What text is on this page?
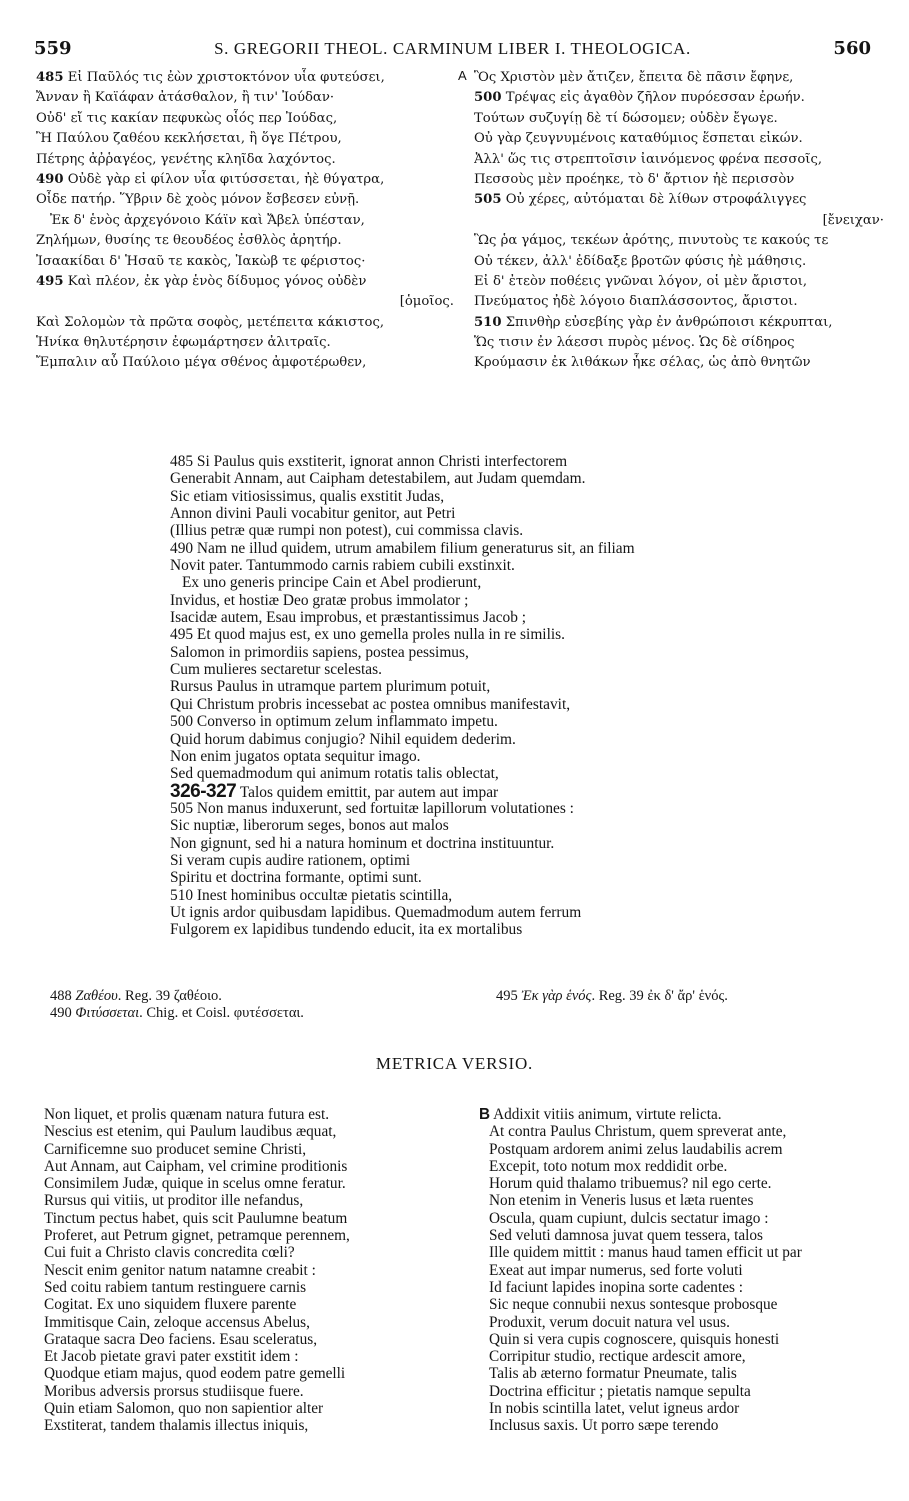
559	S. GREGORII THEOL. CARMINUM LIBER I. THEOLOGICA.	560
485 Εἰ Παῦλός τις ἐὼν χριστοκτόνον υἷα φυτεύσει,
Ἄνναν ἢ Καϊάφαν ἀτάσθαλον, ἢ τιν' Ἰούδαν·
Οὐδ' εἴ τις κακίαν πεφυκὼς οἷός περ Ἰούδας,
Ἢ Παύλου ζαθέου κεκλήσεται, ἢ ὅγε Πέτρου,
Πέτρης ἀῤῥαγέος, γενέτης κληῖδα λαχόντος.
490 Οὐδὲ γὰρ εἰ φίλον υἷα φιτύσσεται, ἠὲ θύγατρα,
Οἶδε πατήρ. Ὕβριν δὲ χοὸς μόνον ἔσβεσεν εὐνῇ.
Ἐκ δ' ἑνὸς ἀρχεγόνοιο Κάϊν καὶ Ἄβελ ὑπέσταν,
Ζηλήμων, θυσίης τε θεουδέος ἐσθλὸς ἀρητήρ.
Ἰσαακίδαι δ' Ἡσαῦ τε κακὸς, Ἰακὼβ τε φέριστος·
495 Καὶ πλέον, ἐκ γὰρ ἑνὸς δίδυμος γόνος οὐδὲν
[ὁμοῖος.
Καὶ Σολομὼν τὰ πρῶτα σοφὸς, μετέπειτα κάκιστος,
Ἡνίκα θηλυτέρησιν ἐφωμάρτησεν ἀλιτραῖς.
Ἔμπαλιν αὖ Παύλοιο μέγα σθένος ἀμφοτέρωθεν,
A Ὃς Χριστὸν μὲν ἄτιζεν, ἔπειτα δὲ πᾶσιν ἔφηνε,
500 Τρέψας εἰς ἀγαθὸν ζῆλον πυρόεσσαν ἐρωήν.
Τούτων συζυγίῃ δὲ τί δώσομεν; οὐδὲν ἔγωγε.
Οὐ γὰρ ζευγνυμένοις καταθύμιος ἕσπεται εἰκών.
Ἀλλ' ὥς τις στρεπτοῖσιν ἰαινόμενος φρένα πεσσοῖς,
Πεσσοὺς μὲν προέηκε, τὸ δ' ἄρτιον ἠὲ περισσὸν
505 Οὐ χέρες, αὐτόμαται δὲ λίθων στροφάλιγγες
[ἔνειχαν·
Ὣς ῥα γάμος, τεκέων ἀρότης, πινυτοὺς τε κακούς τε
Οὐ τέκεν, ἀλλ' ἐδίδαξε βροτῶν φύσις ἠὲ μάθησις.
Εἰ δ' ἐτεὸν ποθέεις γνῶναι λόγον, οἱ μὲν ἄριστοι,
Πνεύματος ἠδὲ λόγοιο διαπλάσσοντος, ἄριστοι.
510 Σπινθὴρ εὐσεβίης γὰρ ἐν ἀνθρώποισι κέκρυπται,
Ὥς τισιν ἐν λάεσσι πυρὸς μένος. Ὡς δὲ σίδηρος
Κρούμασιν ἐκ λιθάκων ἧκε σέλας, ὡς ἀπὸ θνητῶν
485 Si Paulus quis exstiterit, ignorat annon Christi interfectorem
Generabit Annam, aut Caipham detestabilem, aut Judam quemdam.
Sic etiam vitiosissimus, qualis exstitit Judas,
Annon divini Pauli vocabitur genitor, aut Petri
(Illius petræ quæ rumpi non potest), cui commissa clavis.
490 Nam ne illud quidem, utrum amabilem filium generaturus sit, an filiam
Novit pater. Tantummodo carnis rabiem cubili exstinxit.
Ex uno generis principe Cain et Abel prodierunt,
Invidus, et hostiæ Deo gratæ probus immolator ;
Isacidæ autem, Esau improbus, et præstantissimus Jacob ;
495 Et quod majus est, ex uno gemella proles nulla in re similis.
Salomon in primordiis sapiens, postea pessimus,
Cum mulieres sectaretur scelestas.
Rursus Paulus in utramque partem plurimum potuit,
Qui Christum probris incessebat ac postea omnibus manifestavit,
500 Converso in optimum zelum inflammato impetu.
Quid horum dabimus conjugio? Nihil equidem dederim.
Non enim jugatos optata sequitur imago.
Sed quemadmodum qui animum rotatis talis oblectat,
326-327 Talos quidem emittit, par autem aut impar
505 Non manus induxerunt, sed fortuitæ lapillorum volutationes :
Sic nuptiæ, liberorum seges, bonos aut malos
Non gignunt, sed hi a natura hominum et doctrina instituuntur.
Si veram cupis audire rationem, optimi
Spiritu et doctrina formante, optimi sunt.
510 Inest hominibus occultæ pietatis scintilla,
Ut ignis ardor quibusdam lapidibus. Quemadmodum autem ferrum
Fulgorem ex lapidibus tundendo educit, ita ex mortalibus
488 Ζαθέου. Reg. 39 ζαθέοιο.
490 Φιτύσσεται. Chig. et Coisl. φυτέσσεται.
495 Ἐκ γὰρ ἑνός. Reg. 39 ἐκ δ' ἄρ' ἑνός.
METRICA VERSIO.
Non liquet, et prolis quænam natura futura est.
Nescius est etenim, qui Paulum laudibus æquat,
Carnificemne suo producet semine Christi,
Aut Annam, aut Caipham, vel crimine proditionis
Consimilem Judæ, quique in scelus omne feratur.
Rursus qui vitiis, ut proditor ille nefandus,
Tinctum pectus habet, quis scit Paulumne beatum
Proferet, aut Petrum gignet, petramque perennem,
Cui fuit a Christo clavis concredita cœli?
Nescit enim genitor natum natamne creabit :
Sed coitu rabiem tantum restinguere carnis
Cogitat. Ex uno siquidem fluxere parente
Immitisque Cain, zeloque accensus Abelus,
Grataque sacra Deo faciens. Esau sceleratus,
Et Jacob pietate gravi pater exstitit idem :
Quodque etiam majus, quod eodem patre gemelli
Moribus adversis prorsus studiisque fuere.
Quin etiam Salomon, quo non sapientior alter
Exstiterat, tandem thalamis illectus iniquis,
B Addixit vitiis animum, virtute relicta.
At contra Paulus Christum, quem spreverat ante,
Postquam ardorem animi zelus laudabilis acrem
Excepit, toto notum mox reddidit orbe.
Horum quid thalamo tribuemus? nil ego certe.
Non etenim in Veneris lusus et læta ruentes
Oscula, quam cupiunt, dulcis sectatur imago :
Sed veluti damnosa juvat quem tessera, talos
Ille quidem mittit : manus haud tamen efficit ut par
Exeat aut impar numerus, sed forte voluti
Id faciunt lapides inopina sorte cadentes :
Sic neque connubii nexus sontesque probosque
Produxit, verum docuit natura vel usus.
Quin si vera cupis cognoscere, quisquis honesti
Corripitur studio, rectique ardescit amore,
Talis ab æterno formatur Pneumate, talis
Doctrina efficitur ; pietatis namque sepulta
In nobis scintilla latet, velut igneus ardor
Inclusus saxis. Ut porro sæpe terendo
